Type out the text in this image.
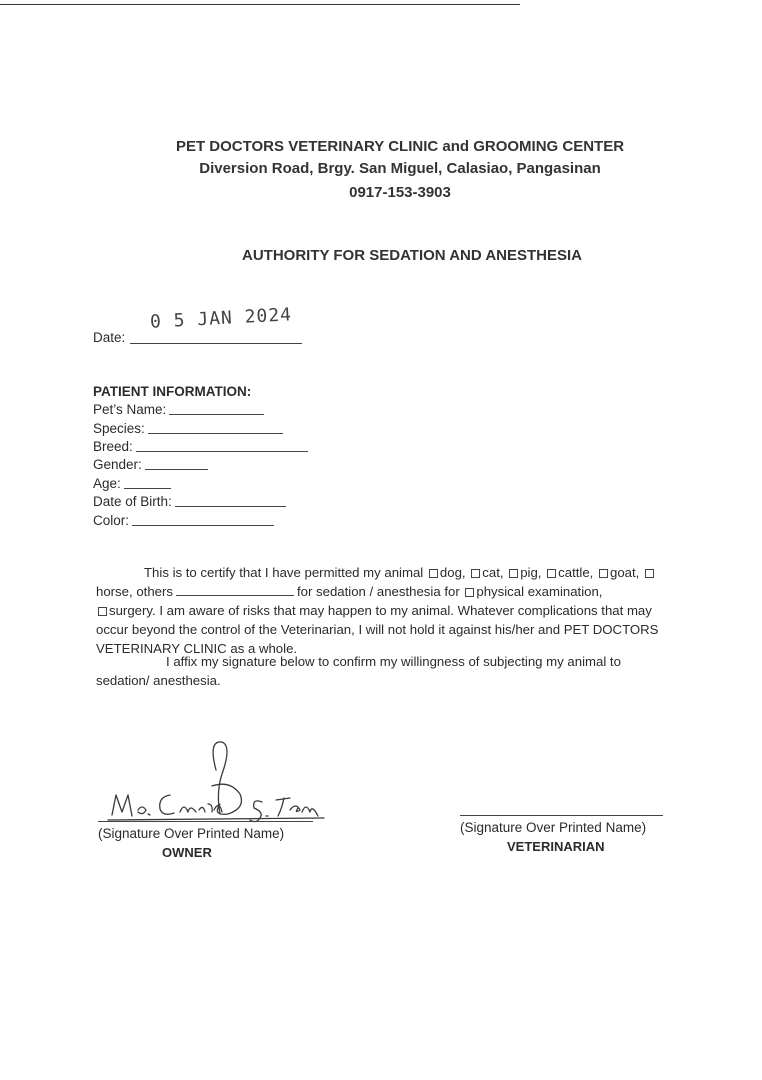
PET DOCTORS VETERINARY CLINIC and GROOMING CENTER
Diversion Road, Brgy. San Miguel, Calasiao, Pangasinan
0917-153-3903
AUTHORITY FOR SEDATION AND ANESTHESIA
Date:
0 5 JAN 2024
PATIENT INFORMATION:
Pet’s Name:
Species:
Breed:
Gender:
Age:
Date of Birth:
Color:
This is to certify that I have permitted my animal dog, cat, pig, cattle, goat,
horse, others	for sedation / anesthesia for physical examination,
surgery. I am aware of risks that may happen to my animal. Whatever complications that may
occur beyond the control of the Veterinarian, I will not hold it against his/her and PET DOCTORS
VETERINARY CLINIC as a whole.
I affix my signature below to confirm my willingness of subjecting my animal to
sedation/ anesthesia.
(Signature Over Printed Name)
OWNER
(Signature Over Printed Name)
VETERINARIAN
